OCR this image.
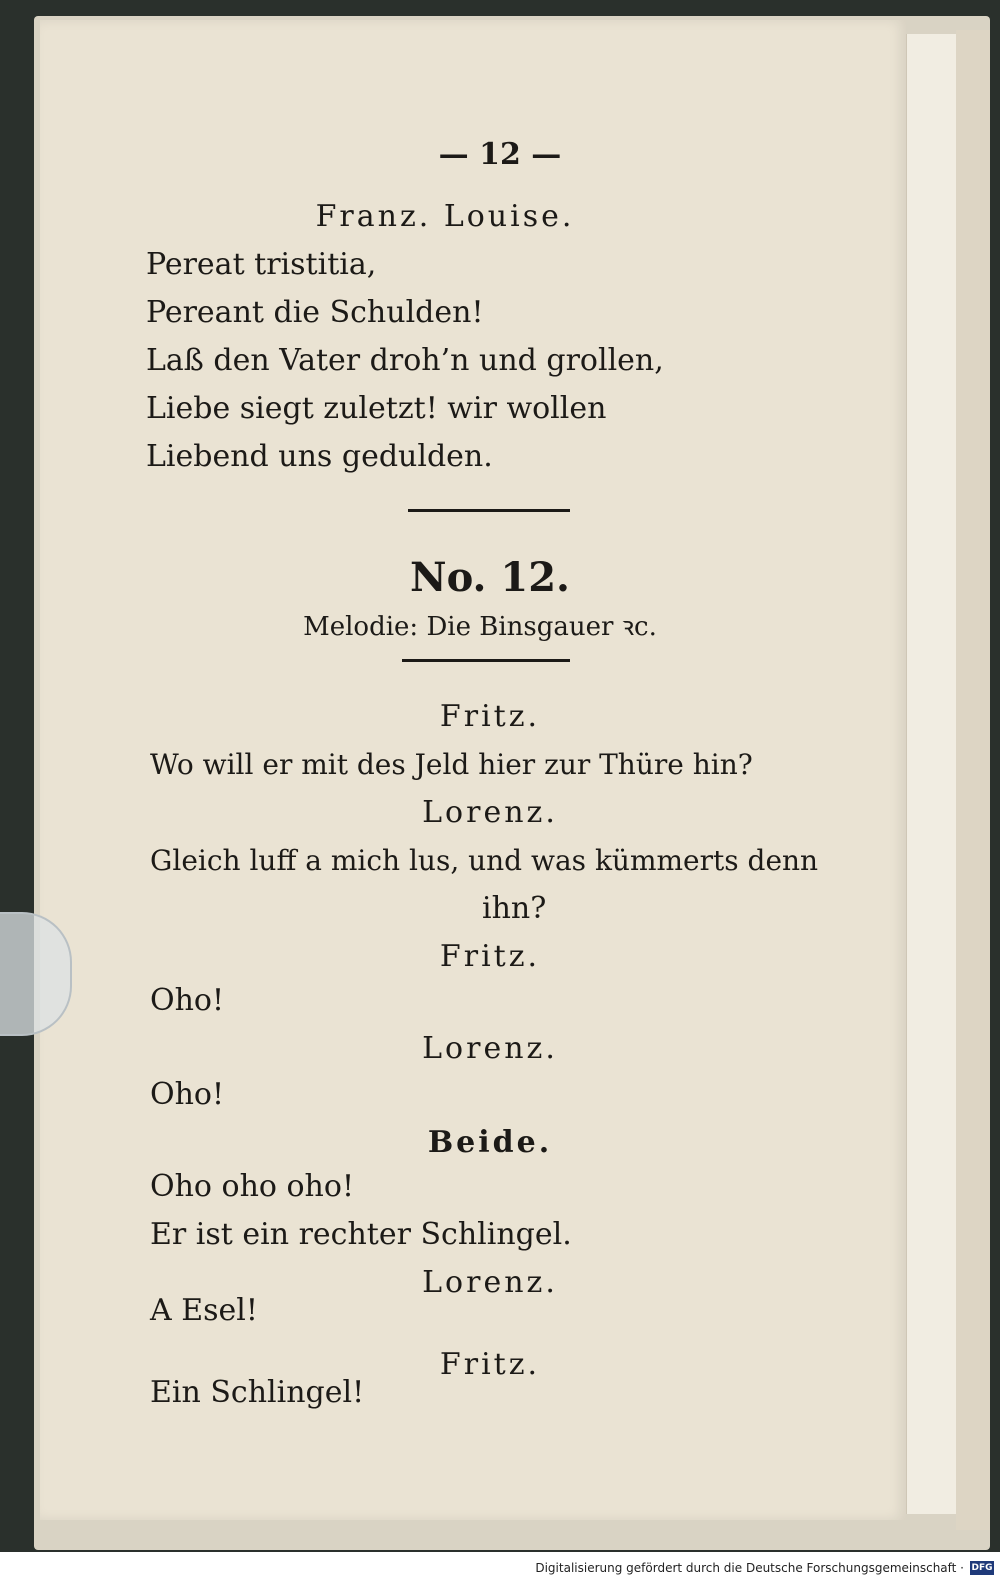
— 12 —
Franz. Louise.
Pereat tristitia,
Pereant die Schulden!
Laß den Vater droh’n und grollen,
Liebe siegt zuletzt! wir wollen
Liebend uns gedulden.
No. 12.
Melodie: Die Binsgauer ꝛc.
Fritz.
Wo will er mit des Jeld hier zur Thüre hin?
Lorenz.
Gleich luff a mich lus, und was kümmerts denn
ihn?
Fritz.
Oho!
Lorenz.
Oho!
Beide.
Oho oho oho!
Er ist ein rechter Schlingel.
Lorenz.
A Esel!
Fritz.
Ein Schlingel!
Digitalisierung gefördert durch die Deutsche Forschungsgemeinschaft · DFG
